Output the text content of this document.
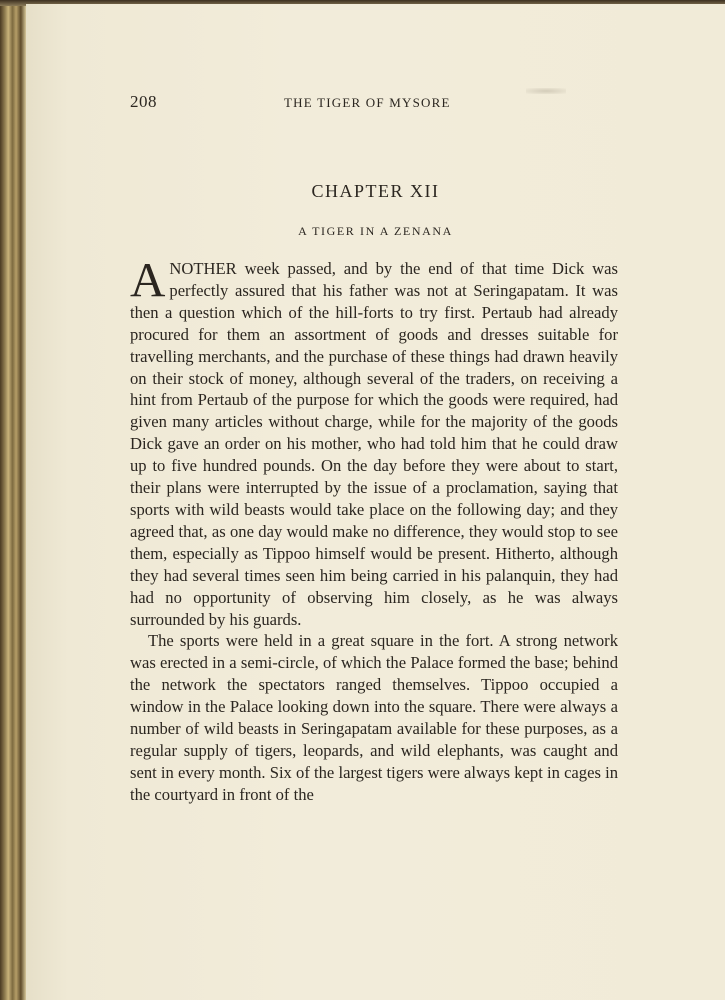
208	THE TIGER OF MYSORE
CHAPTER XII
A TIGER IN A ZENANA

ANOTHER week passed, and by the end of that time Dick was perfectly assured that his father was not at Seringapatam. It was then a question which of the hill-forts to try first. Pertaub had already procured for them an assortment of goods and dresses suitable for travelling merchants, and the purchase of these things had drawn heavily on their stock of money, although several of the traders, on receiving a hint from Pertaub of the purpose for which the goods were required, had given many articles without charge, while for the majority of the goods Dick gave an order on his mother, who had told him that he could draw up to five hundred pounds. On the day before they were about to start, their plans were interrupted by the issue of a proclamation, saying that sports with wild beasts would take place on the following day; and they agreed that, as one day would make no difference, they would stop to see them, especially as Tippoo himself would be present. Hitherto, although they had several times seen him being carried in his palanquin, they had had no opportunity of observing him closely, as he was always surrounded by his guards.

The sports were held in a great square in the fort. A strong network was erected in a semi-circle, of which the Palace formed the base; behind the network the spectators ranged themselves. Tippoo occupied a window in the Palace looking down into the square. There were always a number of wild beasts in Seringapatam available for these purposes, as a regular supply of tigers, leopards, and wild elephants, was caught and sent in every month. Six of the largest tigers were always kept in cages in the courtyard in front of the
